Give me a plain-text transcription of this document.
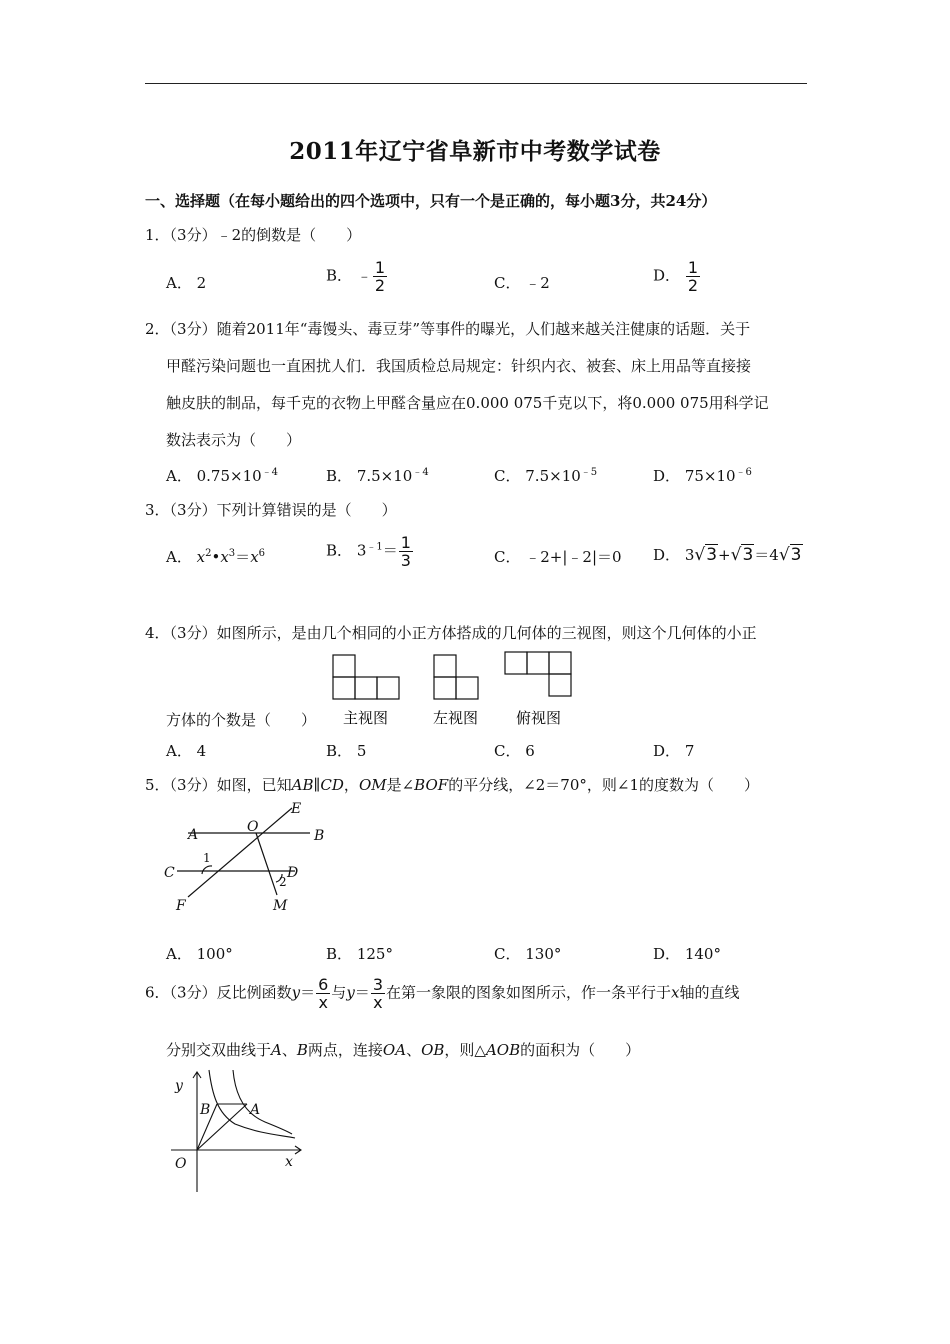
2011年辽宁省阜新市中考数学试卷
一、选择题（在每小题给出的四个选项中，只有一个是正确的，每小题3分，共24分）
1．（3分）﹣2的倒数是（　　）
A． 2	B． ﹣ $\frac{1}{2}$	C． ﹣2	D． $\frac{1}{2}$
2．（3分）随着2011年“毒馒头、毒豆芽”等事件的曝光，人们越来越关注健康的话题．关于
甲醛污染问题也一直困扰人们．我国质检总局规定：针织内衣、被套、床上用品等直接接
触皮肤的制品，每千克的衣物上甲醛含量应在0.000 075千克以下，将0.000 075用科学记
数法表示为（　　）
A． $0.75\times 10^{﹣4}$	B． $7.5\times 10^{﹣4}$	C． $7.5\times 10^{﹣5}$	D． $75\times 10^{﹣6}$
3．（3分）下列计算错误的是（　　）
A． $x^2•x^3=x^6$	B． $3^{﹣1}= \frac{1}{3}$	C． ﹣2+|﹣2|＝0 D． 3√3+√3＝4√3
4．（3分）如图所示，是由几个相同的小正方体搭成的几何体的三视图，则这个几何体的小正
方体的个数是（　　） 主视图	左视图	俯视图
A． 4	B． 5	C． 6	D． 7
5．（3分）如图，已知AB∥CD，OM是∠BOF的平分线，∠2＝70°，则∠1的度数为（　　）
E
A	O
B
C	D
F	M
1
2
A． 100°	B． 125°	C． 130°	D． 140°
6．（3分）反比例函数$y= \frac{6}{x}$ 与$y= \frac{3}{x}$ 在第一象限的图象如图所示，作一条平行于x轴的直线
分别交双曲线于A、B两点，连接OA、OB，则△AOB的面积为（　　）
y
B	A
O	x
